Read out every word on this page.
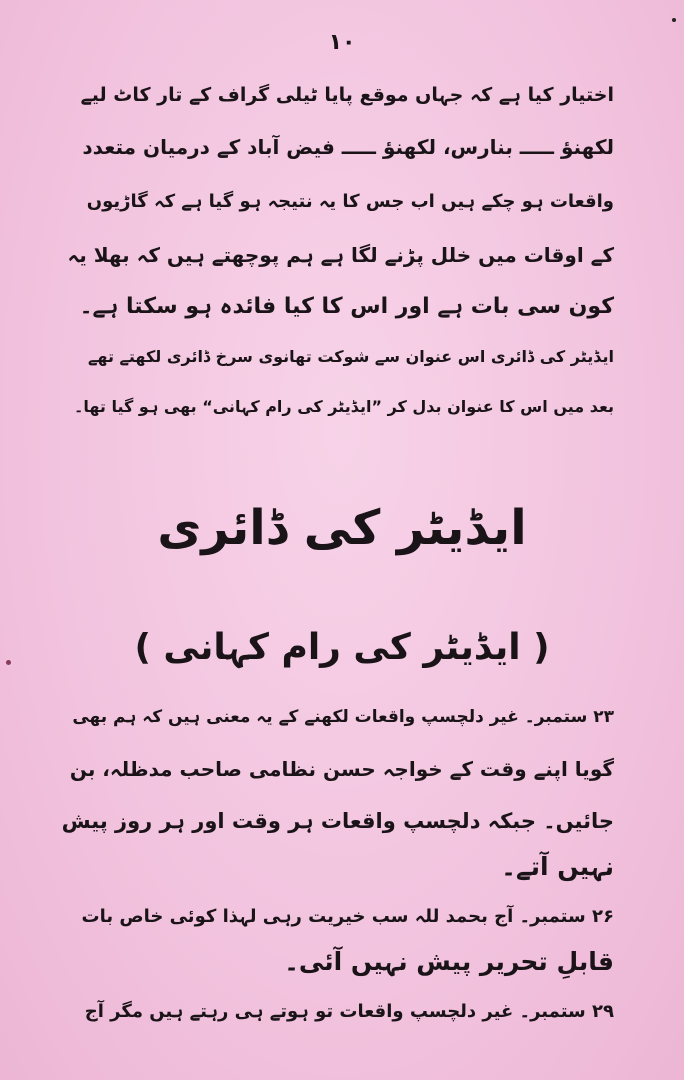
۱۰
اختیار کیا ہے کہ جہاں موقع پایا ٹیلی گراف کے تار کاٹ لیے
لکھنؤ ـــــ بنارس، لکھنؤ ـــــ فیض آباد کے درمیان متعدد
واقعات ہو چکے ہیں اب جس کا یہ نتیجہ ہو گیا ہے کہ گاڑیوں
کے اوقات میں خلل پڑنے لگا ہے ہم پوچھتے ہیں کہ بھلا یہ
کون سی بات ہے اور اس کا کیا فائدہ ہو سکتا ہے۔
ایڈیٹر کی ڈائری اس عنوان سے شوکت تھانوی سرخ ڈائری لکھتے تھے
بعد میں اس کا عنوان بدل کر ”ایڈیٹر کی رام کہانی“ بھی ہو گیا تھا۔
ایڈیٹر کی ڈائری
( ایڈیٹر کی رام کہانی )
۲۳ ستمبر۔ غیر دلچسپ واقعات لکھنے کے یہ معنی ہیں کہ ہم بھی
گویا اپنے وقت کے خواجہ حسن نظامی صاحب مدظلہ، بن
جائیں۔ جبکہ دلچسپ واقعات ہر وقت اور ہر روز پیش
نہیں آتے۔
۲۶ ستمبر۔ آج بحمد للہ سب خیریت رہی لہذا کوئی خاص بات
قابلِ تحریر پیش نہیں آئی۔
۲۹ ستمبر۔ غیر دلچسپ واقعات تو ہوتے ہی رہتے ہیں مگر آج
